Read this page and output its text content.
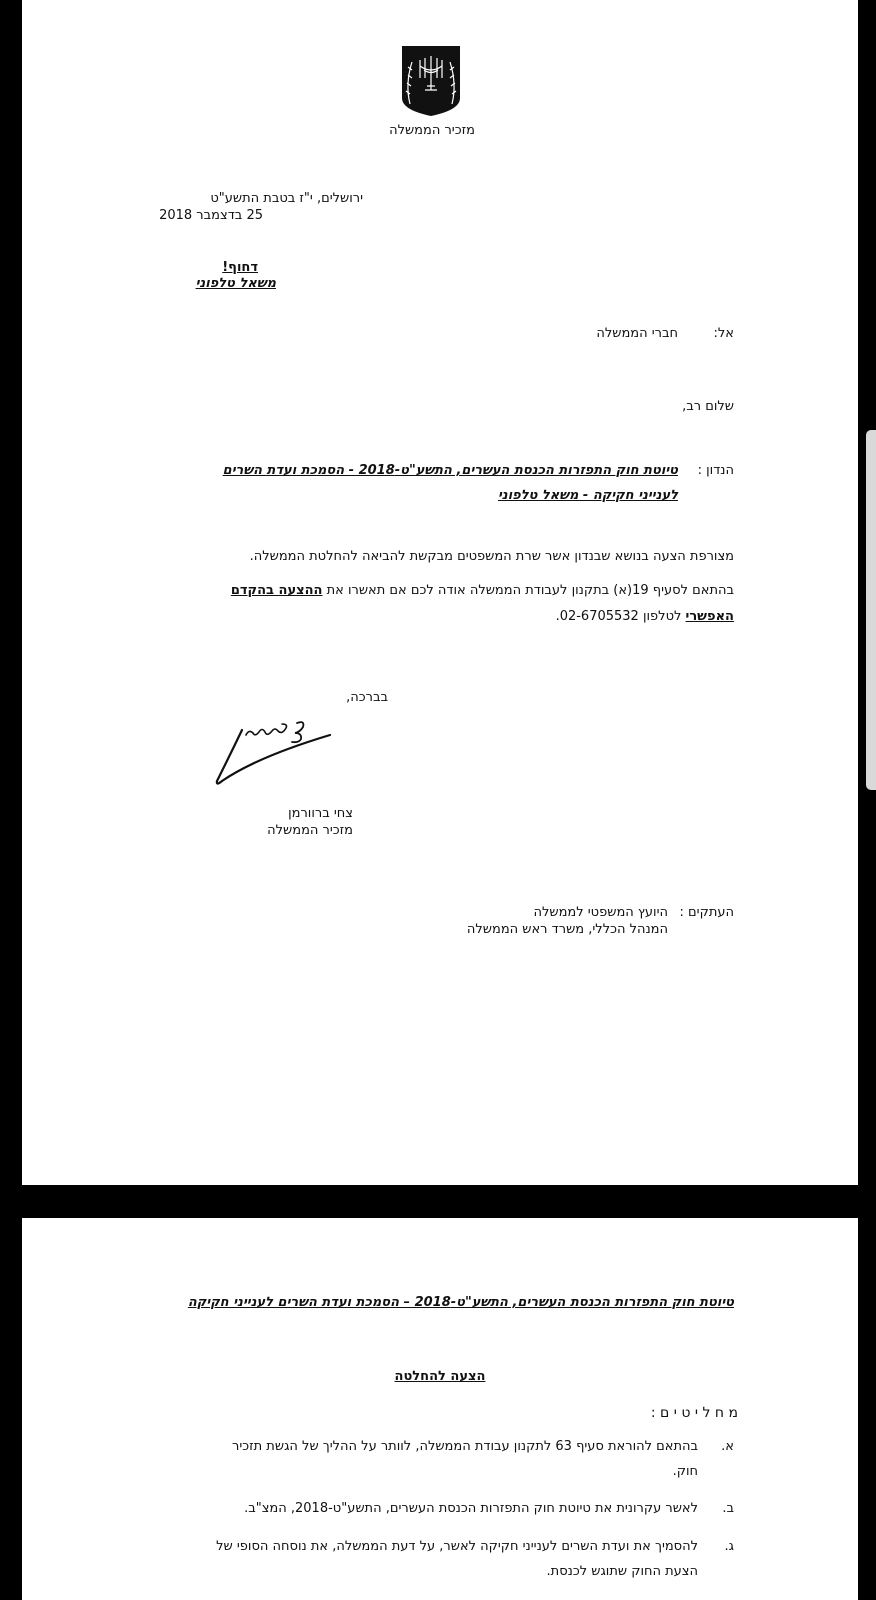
מזכיר הממשלה
ירושלים, י"ז בטבת התשע"ט
25 בדצמבר 2018
דחוף!
משאל טלפוני
אל:
חברי הממשלה
שלום רב,
הנדון :
טיוטת חוק התפזרות הכנסת העשרים, התשע"ט-2018 - הסמכת ועדת השרים
לענייני חקיקה - משאל טלפוני
מצורפת הצעה בנושא שבנדון אשר שרת המשפטים מבקשת להביאה להחלטת הממשלה.
בהתאם לסעיף 19(א) בתקנון לעבודת הממשלה אודה לכם אם תאשרו את ההצעה בהקדם
האפשרי לטלפון 02-6705532.
בברכה,
צחי ברוורמן
מזכיר הממשלה
העתקים :
היועץ המשפטי לממשלה
המנהל הכללי, משרד ראש הממשלה
טיוטת חוק התפזרות הכנסת העשרים, התשע"ט-2018 – הסמכת ועדת השרים לענייני חקיקה
הצעה להחלטה
מ ח ל י ט י ם :
א.
בהתאם להוראת סעיף 63 לתקנון עבודת הממשלה, לוותר על ההליך של הגשת תזכיר
חוק.
ב.
לאשר עקרונית את טיוטת חוק התפזרות הכנסת העשרים, התשע"ט-2018, המצ"ב.
ג.
להסמיך את ועדת השרים לענייני חקיקה לאשר, על דעת הממשלה, את נוסחה הסופי של
הצעת החוק שתוגש לכנסת.
